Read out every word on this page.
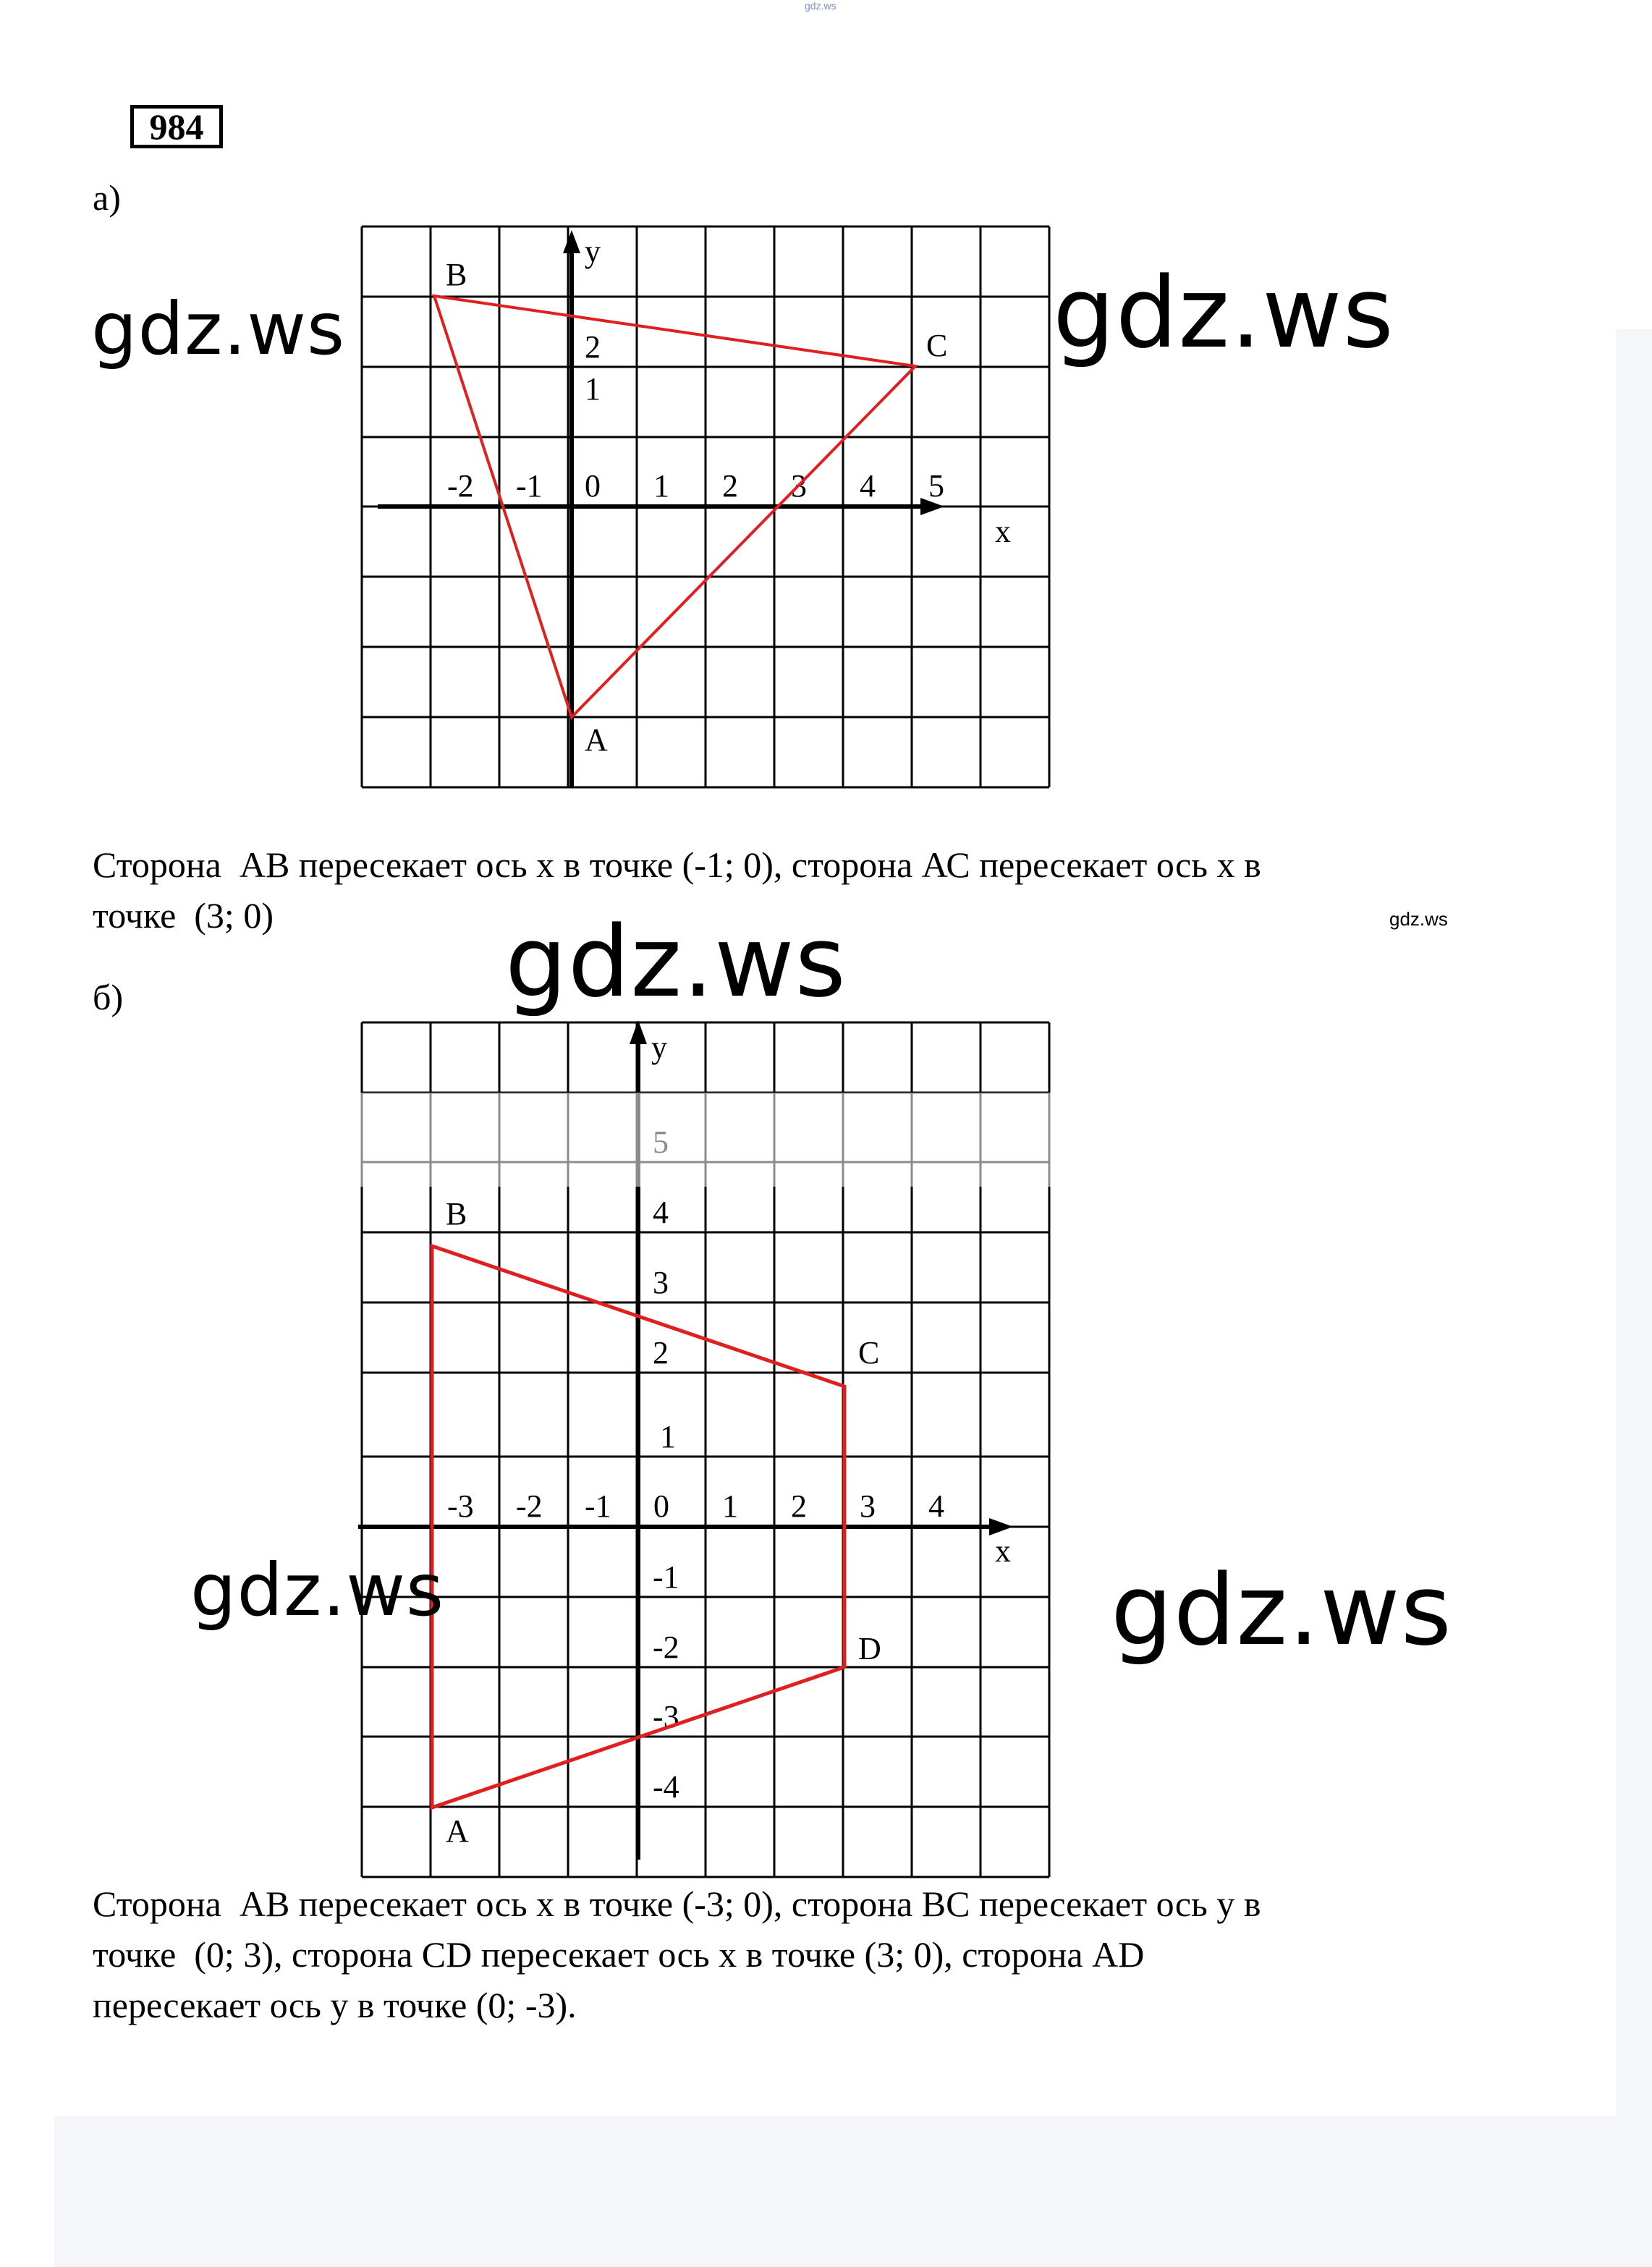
gdz.ws
984
а)
x
y
-2 -1 0 1 2 3 4 5
2
1
B
C
A
x
y
-3 -2 -1 0 1 2 3 4
4
3
2
1
-1
-2
-3
-4
B
C
D
A
Сторона  АВ пересекает ось х в точке (-1; 0), сторона АС пересекает ось х в
точке  (3; 0)
б)
Сторона  АВ пересекает ось х в точке (-3; 0), сторона ВС пересекает ось у в
точке  (0; 3), сторона CD пересекает ось х в точке (3; 0), сторона AD
пересекает ось у в точке (0; -3).
gdz.ws	gdz.ws
gdz.ws
gdz.ws	gdz.ws
gdz.ws
